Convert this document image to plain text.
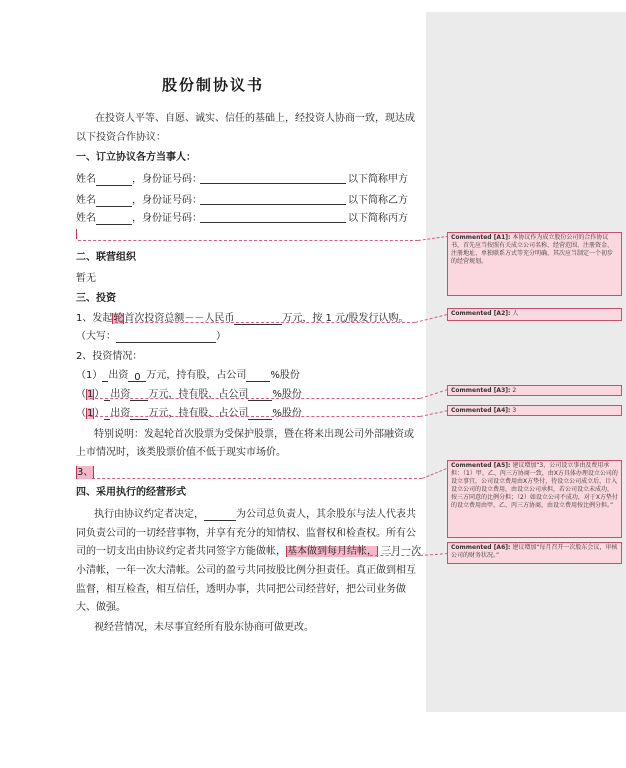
股份制协议书
在投资人平等、自愿、诚实、信任的基础上，经投资人协商一致，现达成
以下投资合作协议：
一、订立协议各方当事人：
姓名	，身份证号码：	以下简称甲方
姓名	，身份证号码：	以下简称乙方
姓名	，身份证号码：	以下简称丙方
二、联营组织
暂无
三、投资
1、发起轮首次投资总额－－人民币	万元，按 1 元/股发行认购。
（大写：	）
2、投资情况：
（1） 出资 0 万元，持有股，占公司 %股份
（1） 出资 万元，持有股，占公司 %股份
（1） 出资 万元，持有股，占公司 %股份
特别说明：发起轮首次股票为受保护股票，暨在将来出现公司外部融资或
上市情况时，该类股票价值不低于现实市场价。
3、
四、采用执行的经营形式
执行由协议约定者决定，	为公司总负责人，其余股东与法人代表共
同负责公司的一切经营事物，并享有充分的知情权、监督权和检查权。所有公
司的一切支出由协议约定者共同签字方能做帐，基本做到每月结帐， 三月一次
小清帐，一年一次大清帐。公司的盈亏共同按股比例分担责任。真正做到相互
监督，相互检查，相互信任，透明办事，共同把公司经营好，把公司业务做
大、做强。
视经营情况，未尽事宜经所有股东协商可做更改。
Commented [A1]: 本协议作为成立股份公司的合作协议书，首先应当按照有关成立公司名称、经营范围、注册资金、注册地址、单独联系方式等充分明确，其次应当制定一个初步的经营规划。
Commented [A2]: 人
Commented [A3]: 2
Commented [A4]: 3
Commented [A5]: 建议增加“3、公司设立事由及费用承担：（1）甲、乙、丙三方协商一致，由X方具体办理设立公司的设立事宜，公司设立费用由X方垫付，待设立公司成立后，计入设立公司的设立费用，由设立公司承担，若公司设立未成功，按三方同意的比例分担；（2）如设立公司不成功，对于X方垫付的设立费用由甲、乙、丙三方协商，由设立费用按比例分担。”
Commented [A6]: 建议增加“每月召开一次股东会议，审核公司的财务状况。”
